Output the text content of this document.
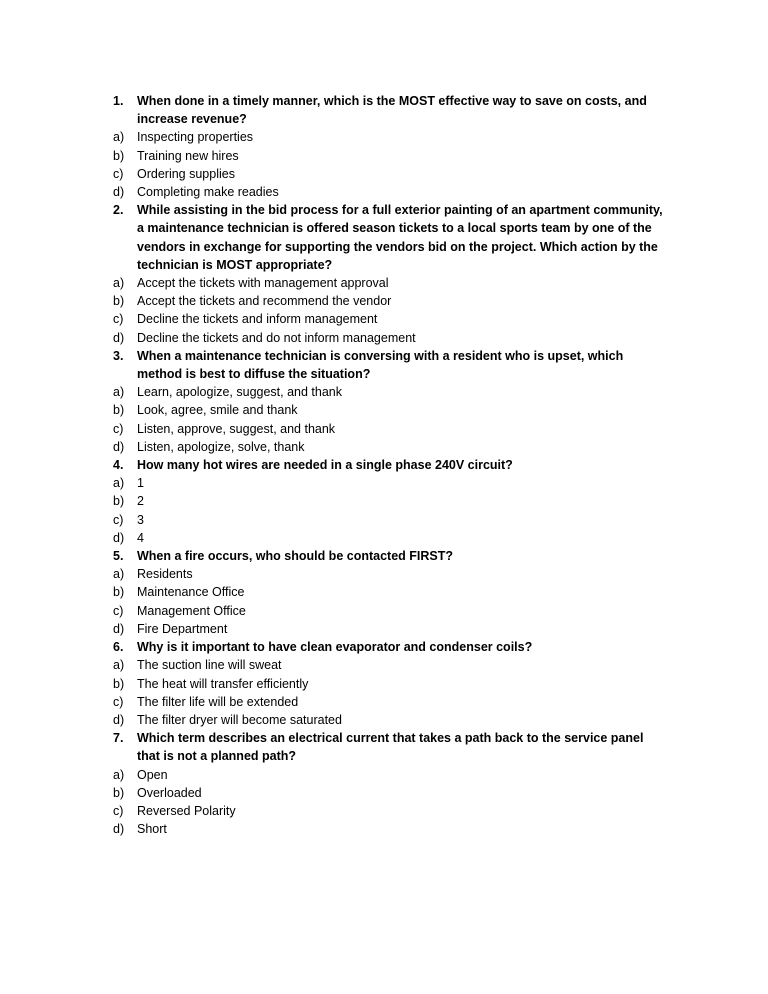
1.	When done in a timely manner, which is the MOST effective way to save on costs, and increase revenue?
a)	Inspecting properties
b)	Training new hires
c)	Ordering supplies
d)	Completing make readies
2.	While assisting in the bid process for a full exterior painting of an apartment community, a maintenance technician is offered season tickets to a local sports team by one of the vendors in exchange for supporting the vendors bid on the project. Which action by the technician is MOST appropriate?
a)	Accept the tickets with management approval
b)	Accept the tickets and recommend the vendor
c)	Decline the tickets and inform management
d)	Decline the tickets and do not inform management
3.	When a maintenance technician is conversing with a resident who is upset, which method is best to diffuse the situation?
a)	Learn, apologize, suggest, and thank
b)	Look, agree, smile and thank
c)	Listen, approve, suggest, and thank
d)	Listen, apologize, solve, thank
4.	How many hot wires are needed in a single phase 240V circuit?
a)	1
b)	2
c)	3
d)	4
5.	When a fire occurs, who should be contacted FIRST?
a)	Residents
b)	Maintenance Office
c)	Management Office
d)	Fire Department
6.	Why is it important to have clean evaporator and condenser coils?
a)	The suction line will sweat
b)	The heat will transfer efficiently
c)	The filter life will be extended
d)	The filter dryer will become saturated
7.	Which term describes an electrical current that takes a path back to the service panel that is not a planned path?
a)	Open
b)	Overloaded
c)	Reversed Polarity
d)	Short
